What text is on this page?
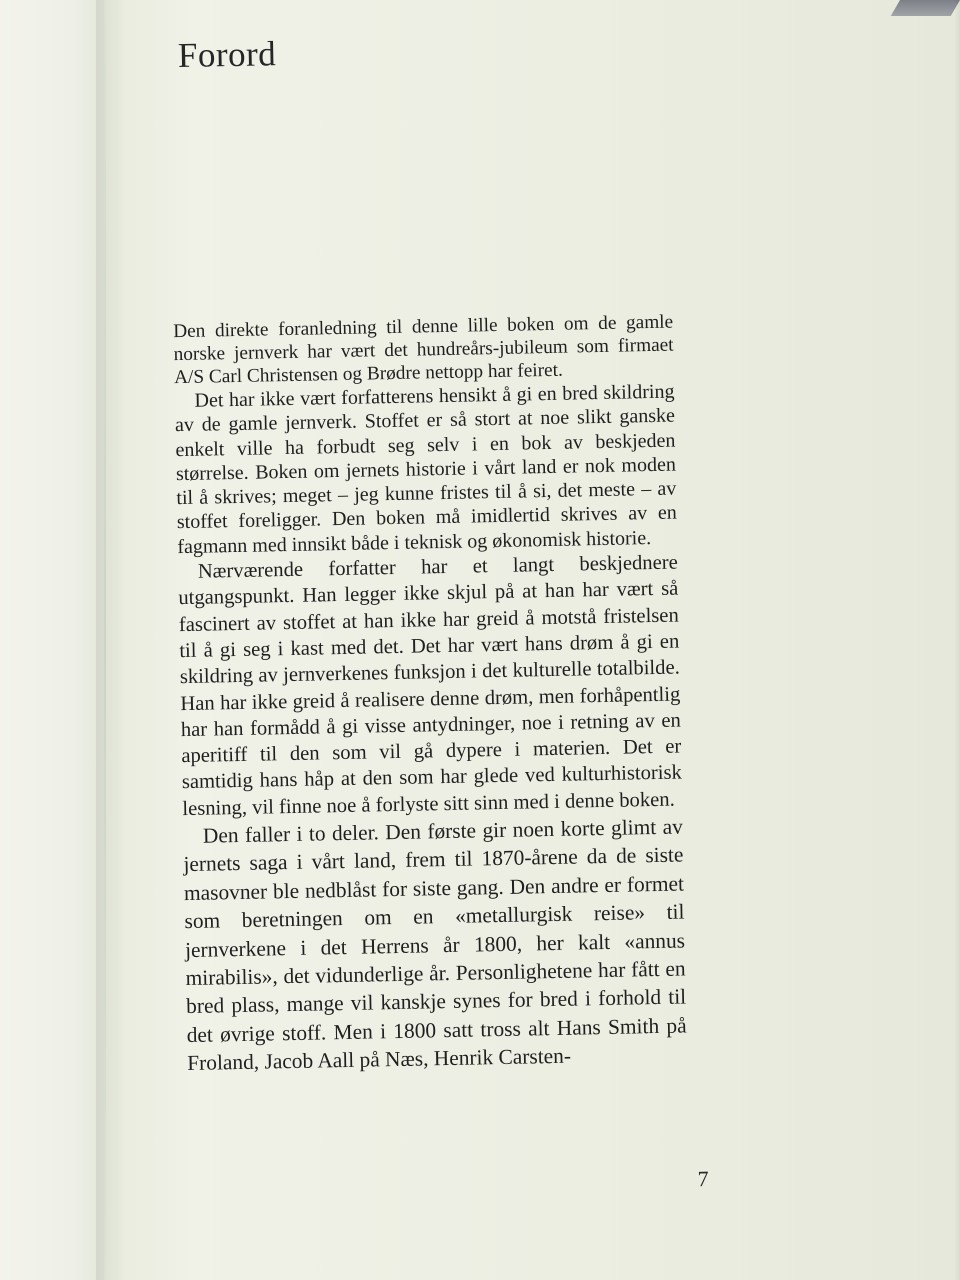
Forord

Den direkte foranledning til denne lille boken om de gamle norske jernverk har vært det hundreårs-jubileum som firmaet A/S Carl Christensen og Brødre nettopp har feiret.

Det har ikke vært forfatterens hensikt å gi en bred skildring av de gamle jernverk. Stoffet er så stort at noe slikt ganske enkelt ville ha forbudt seg selv i en bok av beskjeden størrelse. Boken om jernets historie i vårt land er nok moden til å skrives; meget – jeg kunne fristes til å si, det meste – av stoffet foreligger. Den boken må imidlertid skrives av en fagmann med innsikt både i teknisk og økonomisk historie.

Nærværende forfatter har et langt beskjednere utgangspunkt. Han legger ikke skjul på at han har vært så fascinert av stoffet at han ikke har greid å motstå fristelsen til å gi seg i kast med det. Det har vært hans drøm å gi en skildring av jernverkenes funksjon i det kulturelle totalbilde. Han har ikke greid å realisere denne drøm, men forhåpentlig har han formådd å gi visse antydninger, noe i retning av en aperitiff til den som vil gå dypere i materien. Det er samtidig hans håp at den som har glede ved kulturhistorisk lesning, vil finne noe å forlyste sitt sinn med i denne boken.

Den faller i to deler. Den første gir noen korte glimt av jernets saga i vårt land, frem til 1870-årene da de siste masovner ble nedblåst for siste gang. Den andre er formet som beretningen om en «metallurgisk reise» til jernverkene i det Herrens år 1800, her kalt «annus mirabilis», det vidunderlige år. Personlighetene har fått en bred plass, mange vil kanskje synes for bred i forhold til det øvrige stoff. Men i 1800 satt tross alt Hans Smith på Froland, Jacob Aall på Næs, Henrik Carsten-

7
